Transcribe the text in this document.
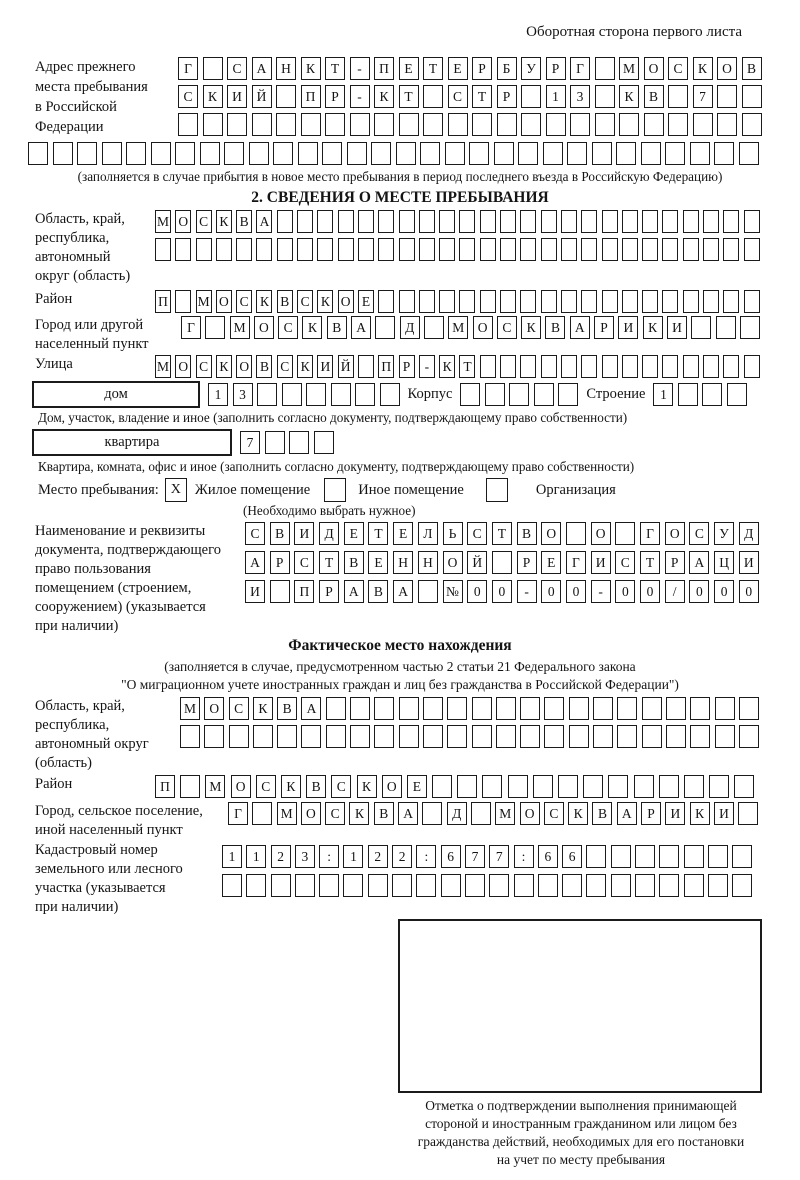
Оборотная сторона первого листа
Адрес прежнего
места пребывания
в Российской
Федерации
Г	С	А	Н	К	Т	-	П	Е	Т	Е	Р	Б	У	Р	Г	М	О	С	К	О	В
С	К	И	Й	П	Р	-	К	Т	С	Т	Р	1	3	К	В	7
(заполняется в случае прибытия в новое место пребывания в период последнего въезда в Российскую Федерацию)
2. СВЕДЕНИЯ О МЕСТЕ ПРЕБЫВАНИЯ
Область, край,
республика,
автономный
округ (область)
М О С К В А
Район	П М О С К В С К О Е
Город или другой
населенный пункт
Г	М О	С	К	В	А	Д	М О	С	К	В	А	Р	И	К	И
Улица	М О С К О В С К И Й П Р	-	К Т
дом	1	3	Корпус	Строение	1
Дом, участок, владение и иное (заполнить согласно документу, подтверждающему право собственности)
квартира	7
Квартира, комната, офис и иное (заполнить согласно документу, подтверждающему право собственности)
Место пребывания: X Жилое помещение	Иное помещение	Организация
(Необходимо выбрать нужное)
Наименование и реквизиты
документа, подтверждающего
право пользования
помещением (строением,
сооружением) (указывается
при наличии)
С	В	И	Д	Е	Т	Е	Л	Ь	С	Т	В	О	О	Г	О	С	У	Д
А	Р	С	Т	В	Е	Н	Н	О	Й	Р	Е	Г	И	С	Т	Р	А	Ц	И
И	П	Р	А	В	А	№	0	0	-	0	0	-	0	0	/	0	0	0
Фактическое место нахождения
(заполняется в случае, предусмотренном частью 2 статьи 21 Федерального закона
"О миграционном учете иностранных граждан и лиц без гражданства в Российской Федерации")
Область, край,
республика,
автономный округ
(область)
М О	С	К	В	А
Район	П	М	О	С	К	В	С	К	О	Е
Город, сельское поселение,
иной населенный пункт
Г	М О	С	К	В	А	Д	М О	С	К	В	А	Р	И	К	И
Кадастровый номер
земельного или лесного
участка (указывается
при наличии)
1	1	2	3	:	1	2	2	:	6	7	7	:	6	6
Отметка о подтверждении выполнения принимающей
стороной и иностранным гражданином или лицом без
гражданства действий, необходимых для его постановки
на учет по месту пребывания
